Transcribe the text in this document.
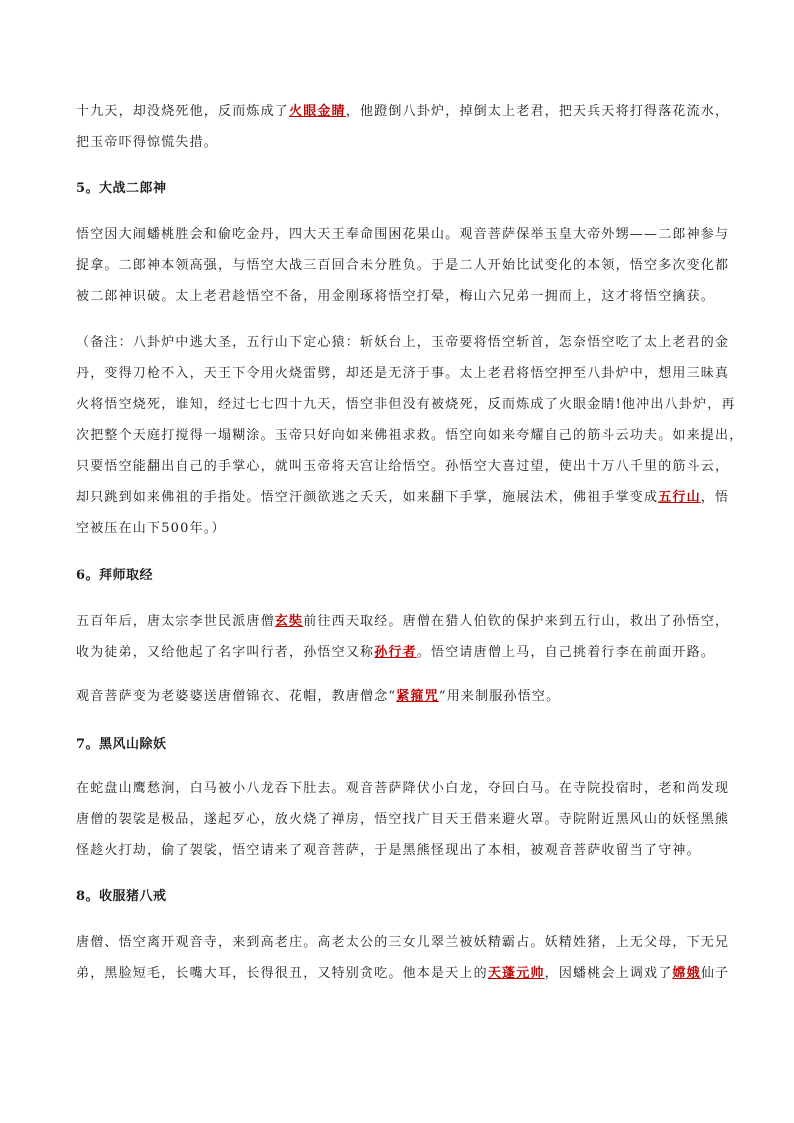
十九天，却没烧死他，反而炼成了火眼金睛，他蹬倒八卦炉，掉倒太上老君，把天兵天将打得落花流水，
把玉帝吓得惊慌失措。
5。大战二郎神
悟空因大闹蟠桃胜会和偷吃金丹，四大天王奉命围困花果山。观音菩萨保举玉皇大帝外甥——二郎神参与
捉拿。二郎神本领高强，与悟空大战三百回合未分胜负。于是二人开始比试变化的本领，悟空多次变化都
被二郎神识破。太上老君趁悟空不备，用金刚琢将悟空打晕，梅山六兄弟一拥而上，这才将悟空擒获。
（备注：八卦炉中逃大圣，五行山下定心猿：斩妖台上，玉帝要将悟空斩首，怎奈悟空吃了太上老君的金
丹，变得刀枪不入，天王下令用火烧雷劈，却还是无济于事。太上老君将悟空押至八卦炉中，想用三昧真
火将悟空烧死，谁知，经过七七四十九天，悟空非但没有被烧死，反而炼成了火眼金睛!他冲出八卦炉，再
次把整个天庭打搅得一塌糊涂。玉帝只好向如来佛祖求救。悟空向如来夸耀自己的筋斗云功夫。如来提出，
只要悟空能翻出自己的手掌心，就叫玉帝将天宫让给悟空。孙悟空大喜过望，使出十万八千里的筋斗云，
却只跳到如来佛祖的手指处。悟空汗颜欲逃之夭夭，如来翻下手掌，施展法术，佛祖手掌变成五行山，悟
空被压在山下500年。）
6。拜师取经
五百年后，唐太宗李世民派唐僧玄奘前往西天取经。唐僧在猎人伯钦的保护来到五行山，救出了孙悟空，
收为徒弟，又给他起了名字叫行者，孙悟空又称孙行者。悟空请唐僧上马，自己挑着行李在前面开路。
观音菩萨变为老婆婆送唐僧锦衣、花帽，教唐僧念“紧箍咒”用来制服孙悟空。
7。黑风山除妖
在蛇盘山鹰愁涧，白马被小八龙吞下肚去。观音菩萨降伏小白龙，夺回白马。在寺院投宿时，老和尚发现
唐僧的袈裟是极品，遂起歹心，放火烧了禅房，悟空找广目天王借来避火罩。寺院附近黑风山的妖怪黑熊
怪趁火打劫，偷了袈裟，悟空请来了观音菩萨，于是黑熊怪现出了本相，被观音菩萨收留当了守神。
8。收服猪八戒
唐僧、悟空离开观音寺，来到高老庄。高老太公的三女儿翠兰被妖精霸占。妖精姓猪，上无父母，下无兄
弟，黑脸短毛，长嘴大耳，长得很丑，又特别贪吃。他本是天上的天蓬元帅，因蟠桃会上调戏了嫦娥仙子
